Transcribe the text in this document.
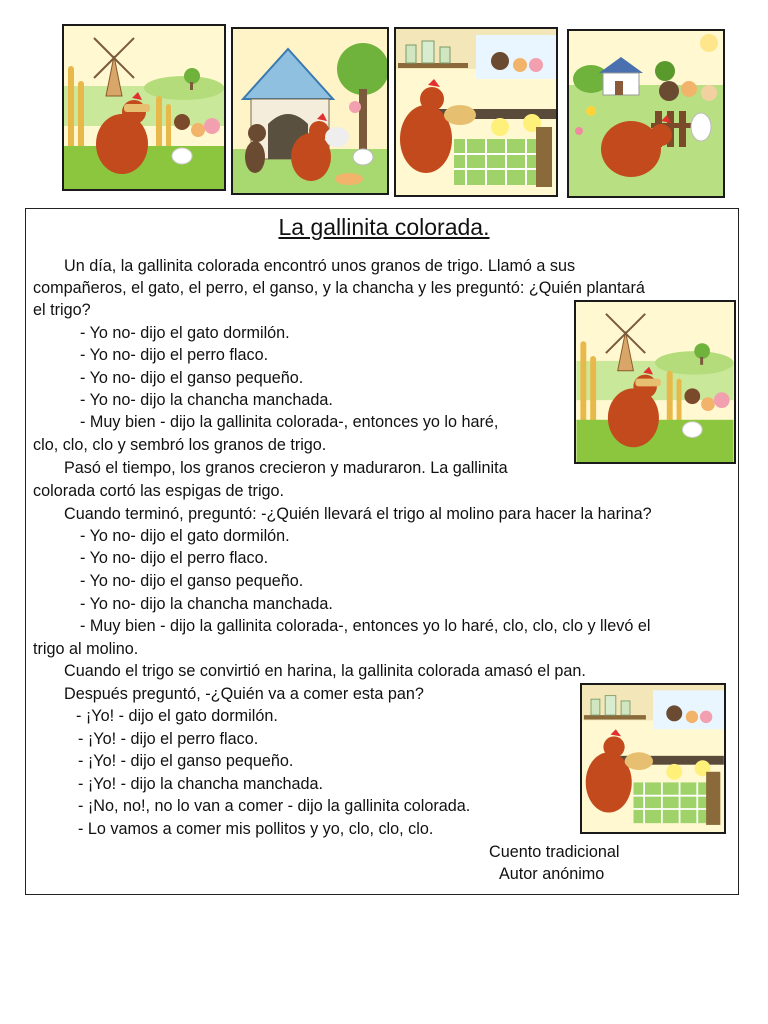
La gallinita colorada.

Un día, la gallinita colorada encontró unos granos de trigo. Llamó a sus

compañeros, el gato, el perro, el ganso, y la chancha y les preguntó: ¿Quién plantará

el trigo?

- Yo no- dijo el gato dormilón.

- Yo no- dijo el perro flaco.

- Yo no- dijo el ganso pequeño.

- Yo no- dijo la chancha manchada.

- Muy bien - dijo la gallinita colorada-, entonces yo lo haré,

clo, clo, clo y sembró los granos de trigo.

Pasó el tiempo, los granos crecieron y maduraron. La gallinita

colorada cortó las espigas de trigo.

Cuando terminó, preguntó: -¿Quién llevará el trigo al molino para hacer la harina?

- Yo no- dijo el gato dormilón.

- Yo no- dijo el perro flaco.

- Yo no- dijo el ganso pequeño.

- Yo no- dijo la chancha manchada.

- Muy bien - dijo la gallinita colorada-, entonces yo lo haré, clo, clo, clo y llevó el

trigo al molino.

Cuando el trigo se convirtió en harina, la gallinita colorada amasó el pan.

Después preguntó, -¿Quién va a comer esta pan?

- ¡Yo! - dijo el gato dormilón.

- ¡Yo! - dijo el perro flaco.

- ¡Yo! - dijo el ganso pequeño.

- ¡Yo! - dijo la chancha manchada.

- ¡No, no!, no lo van a comer - dijo la gallinita colorada.

- Lo vamos a comer mis pollitos y yo, clo, clo, clo.

Cuento tradicional

Autor anónimo
